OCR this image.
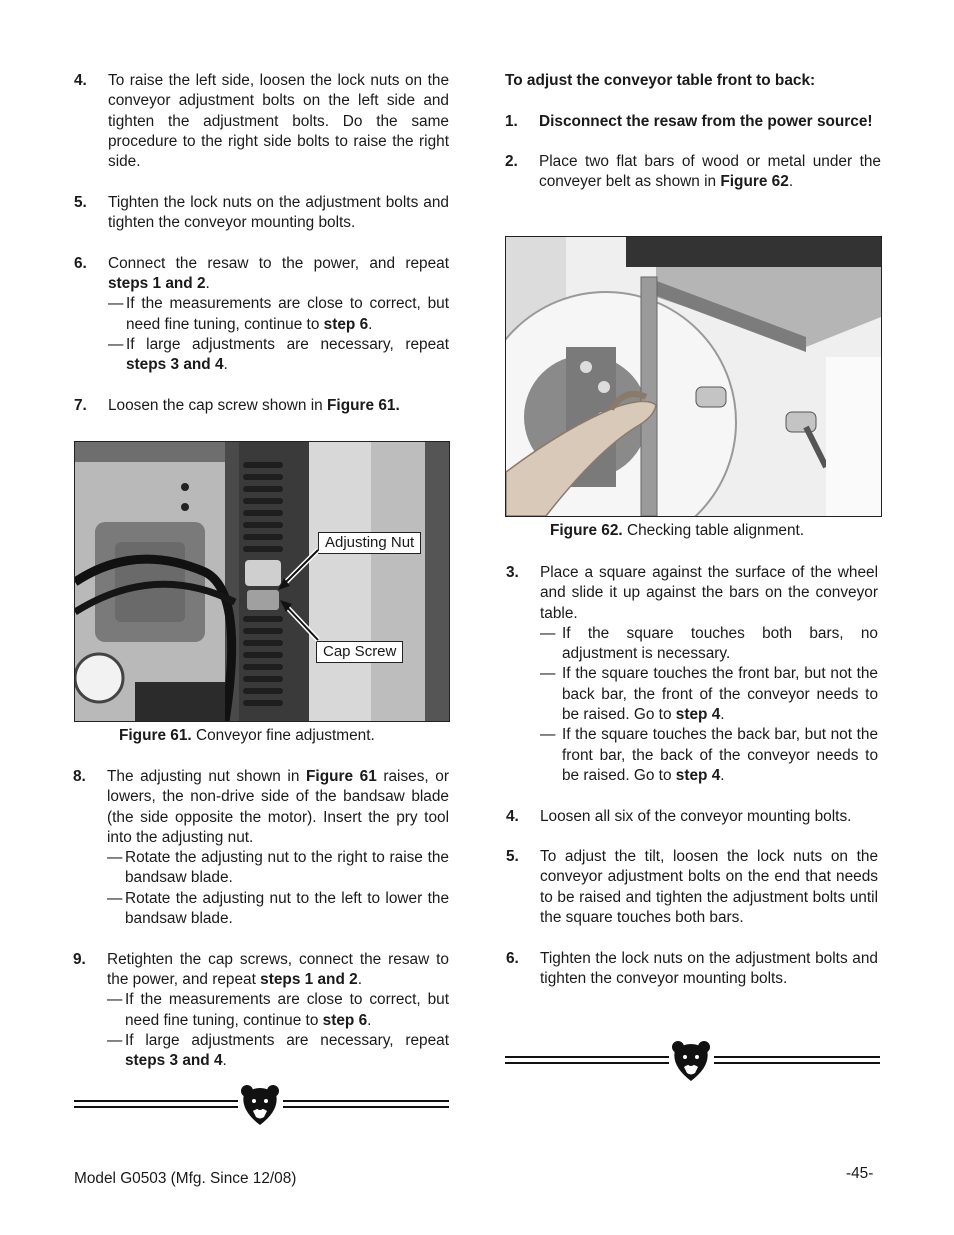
4. To raise the left side, loosen the lock nuts on the conveyor adjustment bolts on the left side and tighten the adjustment bolts. Do the same procedure to the right side bolts to raise the right side.

5. Tighten the lock nuts on the adjustment bolts and tighten the conveyor mounting bolts.

6. Connect the resaw to the power, and repeat steps 1 and 2.

— If the measurements are close to correct, but need fine tuning, continue to step 6.

— If large adjustments are necessary, repeat steps 3 and 4.

7. Loosen the cap screw shown in Figure 61.

Adjusting Nut
Cap Screw
Figure 61. Conveyor fine adjustment.

8. The adjusting nut shown in Figure 61 raises, or lowers, the non-drive side of the bandsaw blade (the side opposite the motor). Insert the pry tool into the adjusting nut.

— Rotate the adjusting nut to the right to raise the bandsaw blade.

— Rotate the adjusting nut to the left to lower the bandsaw blade.

9. Retighten the cap screws, connect the resaw to the power, and repeat steps 1 and 2.

— If the measurements are close to correct, but need fine tuning, continue to step 6.

— If large adjustments are necessary, repeat steps 3 and 4.

To adjust the conveyor table front to back:

1. Disconnect the resaw from the power source!

2. Place two flat bars of wood or metal under the conveyer belt as shown in Figure 62.

Figure 62. Checking table alignment.

3. Place a square against the surface of the wheel and slide it up against the bars on the conveyor table.

— If the square touches both bars, no adjustment is necessary.

— If the square touches the front bar, but not the back bar, the front of the conveyor needs to be raised. Go to step 4.

— If the square touches the back bar, but not the front bar, the back of the conveyor needs to be raised. Go to step 4.

4. Loosen all six of the conveyor mounting bolts.

5. To adjust the tilt, loosen the lock nuts on the conveyor adjustment bolts on the end that needs to be raised and tighten the adjustment bolts until the square touches both bars.

6. Tighten the lock nuts on the adjustment bolts and tighten the conveyor mounting bolts.

Model G0503 (Mfg. Since 12/08)	-45-
